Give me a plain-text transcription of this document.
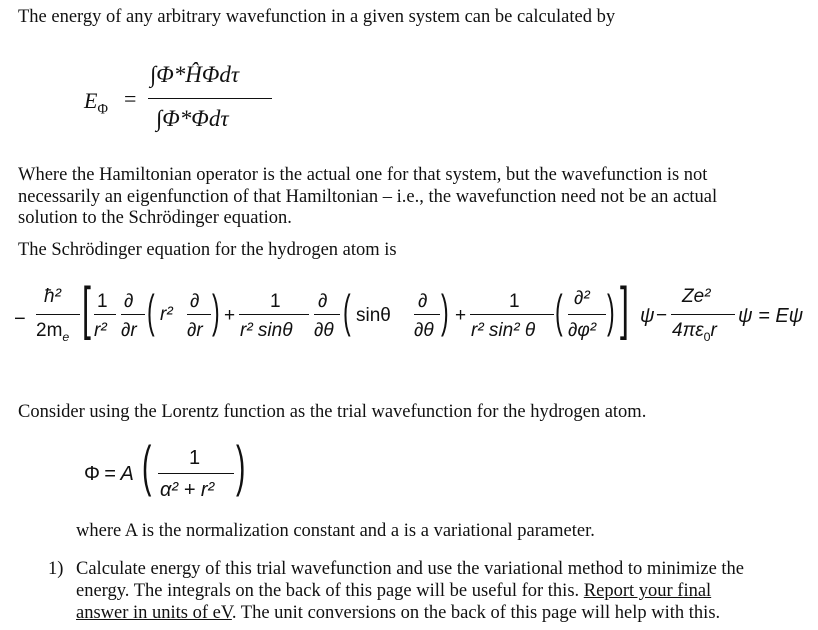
The energy of any arbitrary wavefunction in a given system can be calculated by
$E_\Phi$ =
∫Φ*ĤΦdτ
∫Φ*Φdτ
Where the Hamiltonian operator is the actual one for that system, but the wavefunction is not
necessarily an eigenfunction of that Hamiltonian – i.e., the wavefunction need not be an actual
solution to the Schrödinger equation.
The Schrödinger equation for the hydrogen atom is
−
ħ²
$2m_e$ [ 1
r²
∂
∂r ( r²
∂
∂r ) +
1
r² sinθ
∂
∂θ ( sinθ
∂
∂θ ) +
1
r² sin² θ ( ∂²
∂φ² ) ] ψ −
Ze²
$4\pi\varepsilon_0r$
ψ = Eψ
Consider using the Lorentz function as the trial wavefunction for the hydrogen atom.
Φ = A ( 1
α² + r² )
where A is the normalization constant and a is a variational parameter.
1) Calculate energy of this trial wavefunction and use the variational method to minimize the
energy. The integrals on the back of this page will be useful for this. Report your final
answer in units of eV. The unit conversions on the back of this page will help with this.
